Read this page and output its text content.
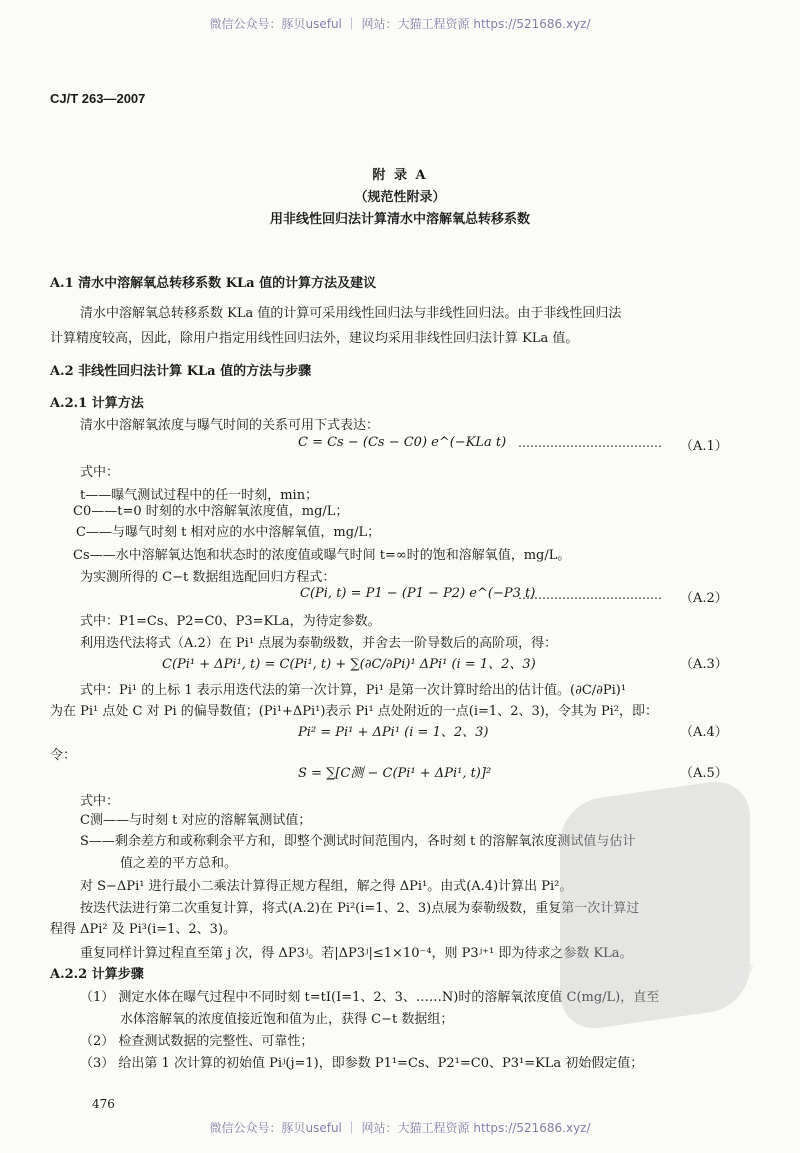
微信公众号：豚贝useful ｜ 网站：大猫工程资源 https://521686.xyz/
CJ/T 263—2007
附 录 A
（规范性附录）
用非线性回归法计算清水中溶解氧总转移系数
A.1 清水中溶解氧总转移系数 KLa 值的计算方法及建议
清水中溶解氧总转移系数 KLa 值的计算可采用线性回归法与非线性回归法。由于非线性回归法
计算精度较高，因此，除用户指定用线性回归法外，建议均采用非线性回归法计算 KLa 值。
A.2 非线性回归法计算 KLa 值的方法与步骤
A.2.1 计算方法
清水中溶解氧浓度与曝气时间的关系可用下式表达：
C = Cs − (Cs − C0) e^(−KLa t) ……………………………… （A.1）
式中：
t——曝气测试过程中的任一时刻，min；
C0——t=0 时刻的水中溶解氧浓度值，mg/L；
C——与曝气时刻 t 相对应的水中溶解氧值，mg/L；
Cs——水中溶解氧达饱和状态时的浓度值或曝气时间 t=∞时的饱和溶解氧值，mg/L。
为实测所得的 C−t 数据组选配回归方程式：
C(Pi, t) = P1 − (P1 − P2) e^(−P3 t)
……………………………… （A.2）
式中：P1=Cs、P2=C0、P3=KLa，为待定参数。
利用迭代法将式（A.2）在 Pi¹ 点展为泰勒级数，并舍去一阶导数后的高阶项，得：
C(Pi¹ + ΔPi¹, t) = C(Pi¹, t) + ∑(∂C/∂Pi)¹ ΔPi¹ (i = 1、2、3)	（A.3）
式中：Pi¹ 的上标 1 表示用迭代法的第一次计算，Pi¹ 是第一次计算时给出的估计值。(∂C/∂Pi)¹
为在 Pi¹ 点处 C 对 Pi 的偏导数值；(Pi¹+ΔPi¹)表示 Pi¹ 点处附近的一点(i=1、2、3)，令其为 Pi²，即：
Pi² = Pi¹ + ΔPi¹ (i = 1、2、3)	（A.4）
令：
S = ∑[C测 − C(Pi¹ + ΔPi¹, t)]²	（A.5）
式中：
C测——与时刻 t 对应的溶解氧测试值；
S——剩余差方和或称剩余平方和，即整个测试时间范围内，各时刻 t 的溶解氧浓度测试值与估计
值之差的平方总和。
对 S−ΔPi¹ 进行最小二乘法计算得正规方程组，解之得 ΔPi¹。由式(A.4)计算出 Pi²。
按迭代法进行第二次重复计算，将式(A.2)在 Pi²(i=1、2、3)点展为泰勒级数，重复第一次计算过
程得 ΔPi² 及 Pi³(i=1、2、3)。
重复同样计算过程直至第 j 次，得 ΔP3ʲ。若|ΔP3ʲ|≤1×10⁻⁴，则 P3ʲ⁺¹ 即为待求之参数 KLa。
A.2.2 计算步骤
（1） 测定水体在曝气过程中不同时刻 t=tI(I=1、2、3、……N)时的溶解氧浓度值 C(mg/L)，直至
水体溶解氧的浓度值接近饱和值为止，获得 C−t 数据组；
（2） 检查测试数据的完整性、可靠性；
（3） 给出第 1 次计算的初始值 Piʲ(j=1)，即参数 P1¹=Cs、P2¹=C0、P3¹=KLa 初始假定值；
PDG
476
微信公众号：豚贝useful ｜ 网站：大猫工程资源 https://521686.xyz/
